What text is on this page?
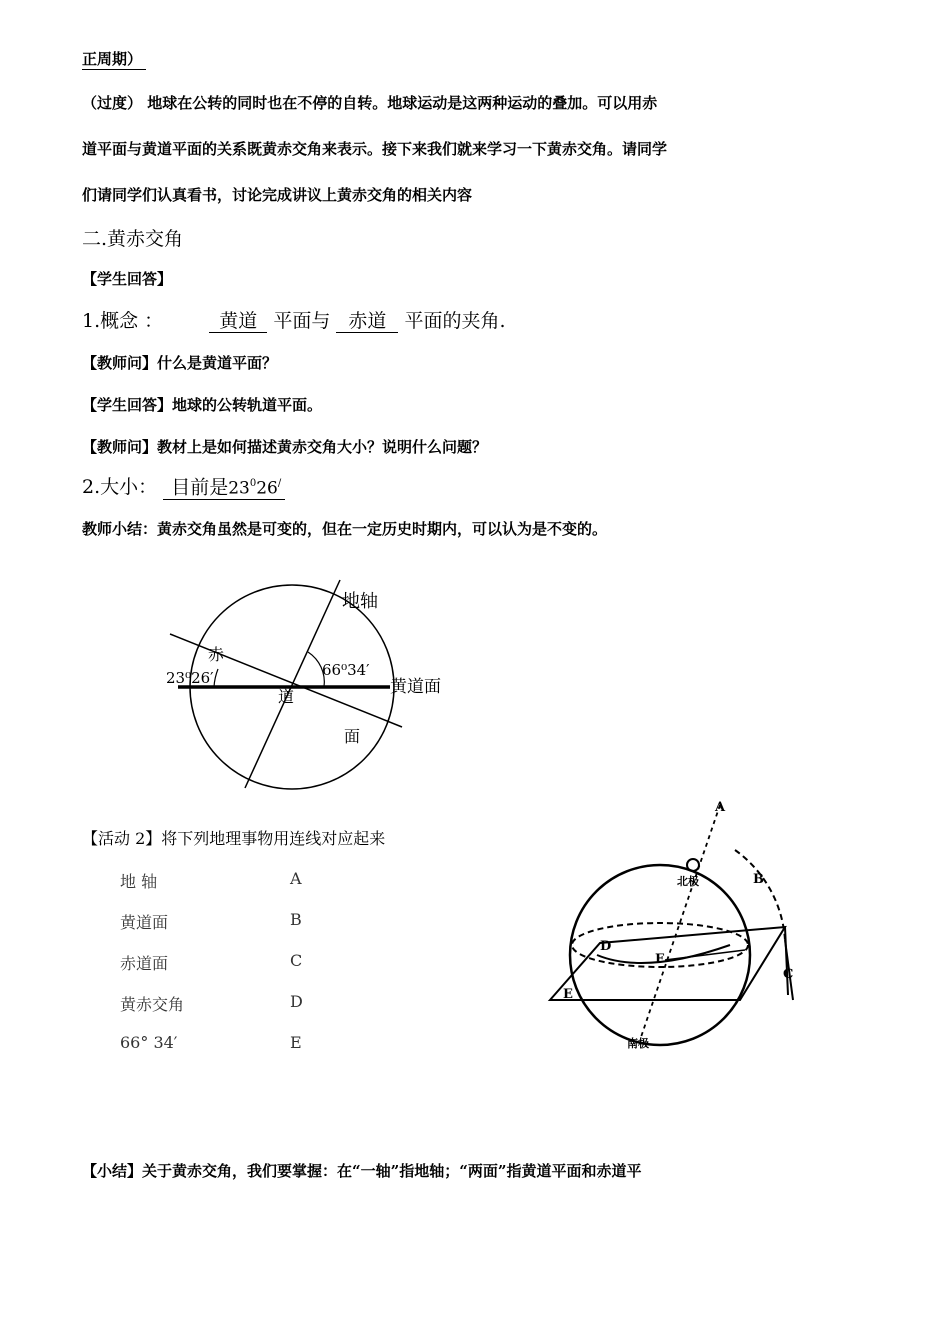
正周期）
（过度） 地球在公转的同时也在不停的自转。地球运动是这两种运动的叠加。可以用赤
道平面与黄道平面的关系既黄赤交角来表示。接下来我们就来学习一下黄赤交角。请同学
们请同学们认真看书，讨论完成讲议上黄赤交角的相关内容
二.黄赤交角
【学生回答】
1.概念 ：	黄道 平面与 赤道 平面的夹角.
【教师问】什么是黄道平面？
【学生回答】地球的公转轨道平面。
【教师问】教材上是如何描述黄赤交角大小？说明什么问题？
2.大小： 目前是$23^026^/$
教师小结：黄赤交角虽然是可变的，但在一定历史时期内，可以认为是不变的。
地轴
黄道面
赤
道
面
23⁰26′	66⁰34′
【活动 2】将下列地理事物用连线对应起来
地 轴
黄道面
赤道面
黄赤交角
66° 34′
A
B
C
D
E
A
B
C
D
E
F
北极
南极
【小结】关于黄赤交角，我们要掌握：在“一轴”指地轴；“两面”指黄道平面和赤道平
